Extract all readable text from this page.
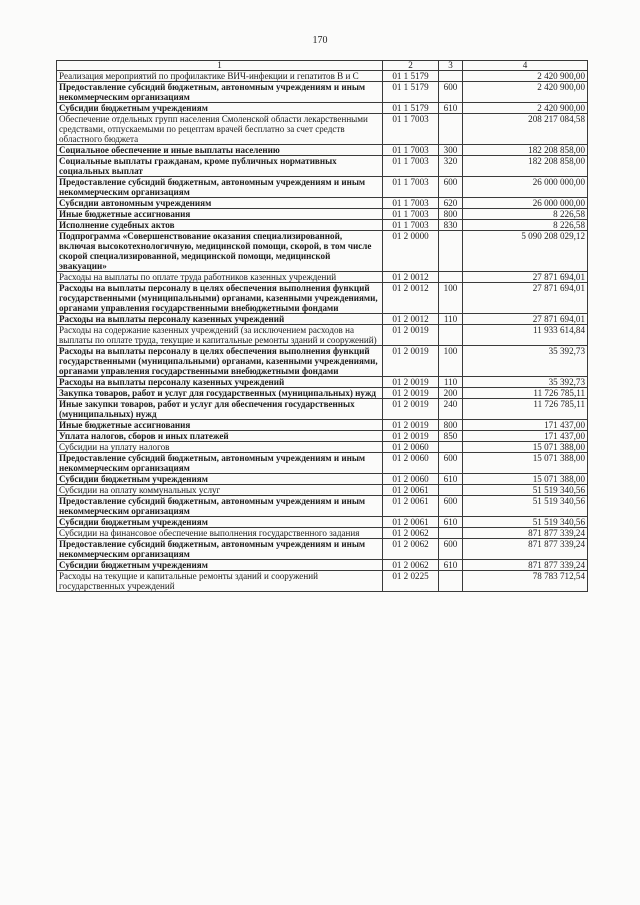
170
1	2	3	4
Реализация мероприятий по профилактике ВИЧ-инфекции и гепатитов В и С	01 1 5179		2 420 900,00
Предоставление субсидий бюджетным, автономным учреждениям и иным некоммерческим организациям	01 1 5179	600	2 420 900,00
Субсидии бюджетным учреждениям	01 1 5179	610	2 420 900,00
Обеспечение отдельных групп населения Смоленской области лекарственными средствами, отпускаемыми по рецептам врачей бесплатно за счет средств областного бюджета	01 1 7003		208 217 084,58
Социальное обеспечение и иные выплаты населению	01 1 7003	300	182 208 858,00
Социальные выплаты гражданам, кроме публичных нормативных социальных выплат	01 1 7003	320	182 208 858,00
Предоставление субсидий бюджетным, автономным учреждениям и иным некоммерческим организациям	01 1 7003	600	26 000 000,00
Субсидии автономным учреждениям	01 1 7003	620	26 000 000,00
Иные бюджетные ассигнования	01 1 7003	800	8 226,58
Исполнение судебных актов	01 1 7003	830	8 226,58
Подпрограмма «Совершенствование оказания специализированной, включая высокотехнологичную, медицинской помощи, скорой, в том числе скорой специализированной, медицинской помощи, медицинской эвакуации»	01 2 0000		5 090 208 029,12
Расходы на выплаты по оплате труда работников казенных учреждений	01 2 0012		27 871 694,01
Расходы на выплаты персоналу в целях обеспечения выполнения функций государственными (муниципальными) органами, казенными учреждениями, органами управления государственными внебюджетными фондами	01 2 0012	100	27 871 694,01
Расходы на выплаты персоналу казенных учреждений	01 2 0012	110	27 871 694,01
Расходы на содержание казенных учреждений (за исключением расходов на выплаты по оплате труда, текущие и капитальные ремонты зданий и сооружений)	01 2 0019		11 933 614,84
Расходы на выплаты персоналу в целях обеспечения выполнения функций государственными (муниципальными) органами, казенными учреждениями, органами управления государственными внебюджетными фондами	01 2 0019	100	35 392,73
Расходы на выплаты персоналу казенных учреждений	01 2 0019	110	35 392,73
Закупка товаров, работ и услуг для государственных (муниципальных) нужд	01 2 0019	200	11 726 785,11
Иные закупки товаров, работ и услуг для обеспечения государственных (муниципальных) нужд	01 2 0019	240	11 726 785,11
Иные бюджетные ассигнования	01 2 0019	800	171 437,00
Уплата налогов, сборов и иных платежей	01 2 0019	850	171 437,00
Субсидии на уплату налогов	01 2 0060		15 071 388,00
Предоставление субсидий бюджетным, автономным учреждениям и иным некоммерческим организациям	01 2 0060	600	15 071 388,00
Субсидии бюджетным учреждениям	01 2 0060	610	15 071 388,00
Субсидии на оплату коммунальных услуг	01 2 0061		51 519 340,56
Предоставление субсидий бюджетным, автономным учреждениям и иным некоммерческим организациям	01 2 0061	600	51 519 340,56
Субсидии бюджетным учреждениям	01 2 0061	610	51 519 340,56
Субсидии на финансовое обеспечение выполнения государственного задания	01 2 0062		871 877 339,24
Предоставление субсидий бюджетным, автономным учреждениям и иным некоммерческим организациям	01 2 0062	600	871 877 339,24
Субсидии бюджетным учреждениям	01 2 0062	610	871 877 339,24
Расходы на текущие и капитальные ремонты зданий и сооружений государственных учреждений	01 2 0225		78 783 712,54
